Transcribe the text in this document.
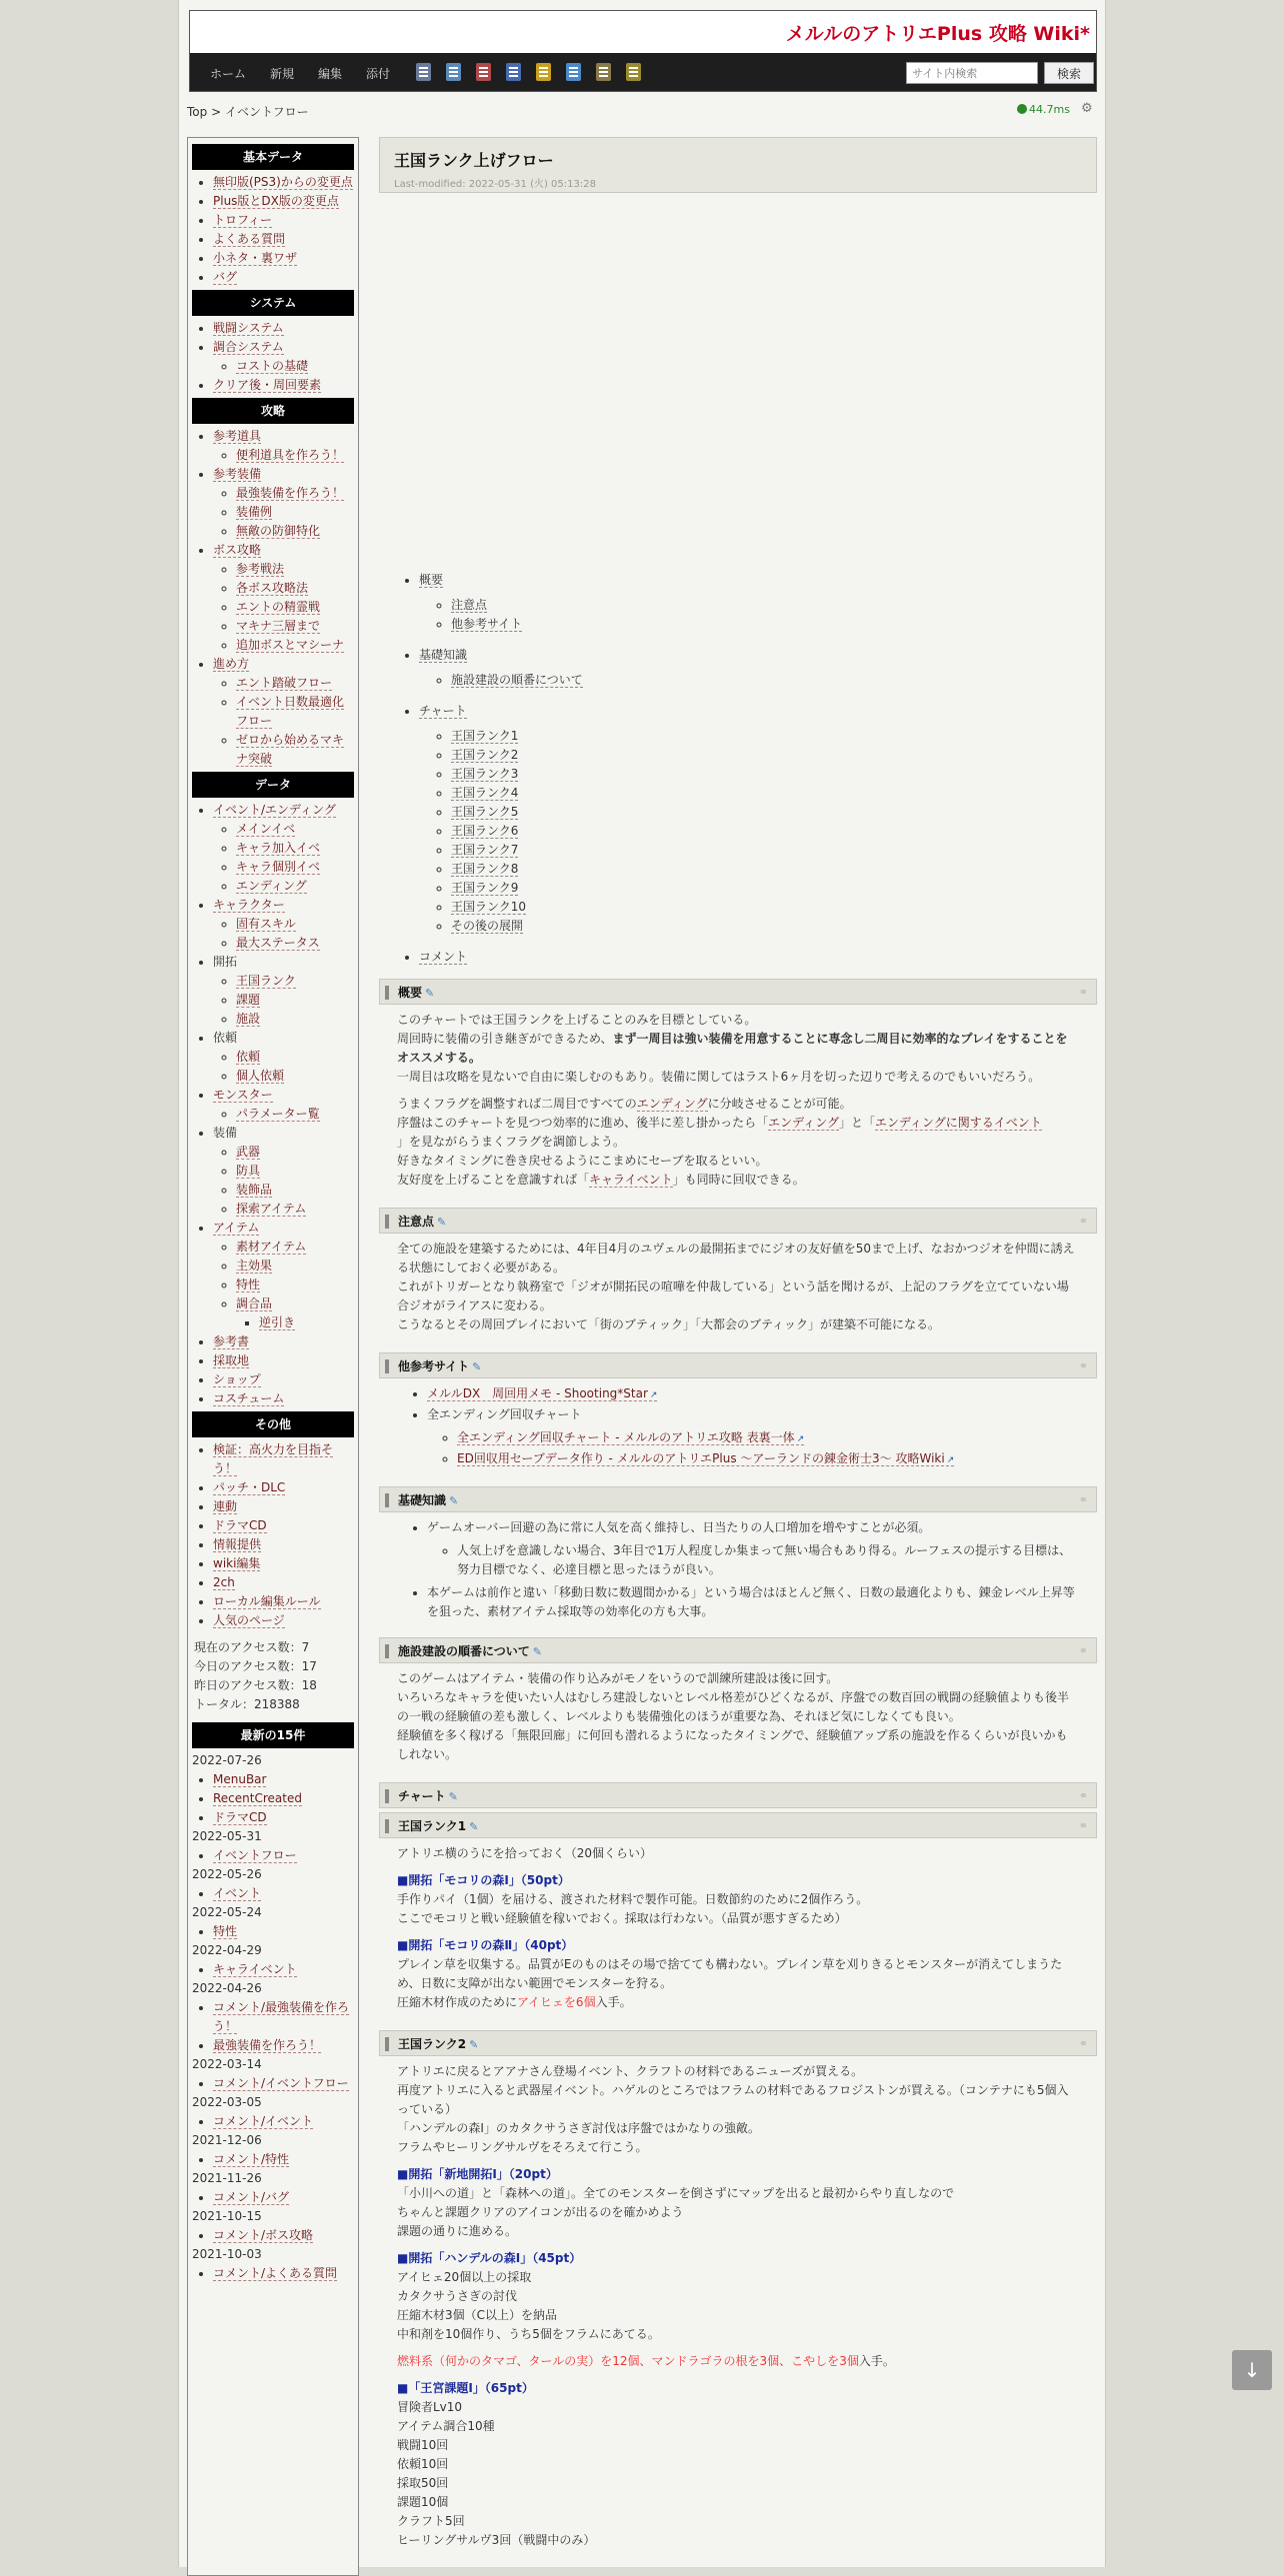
メルルのアトリエPlus 攻略 Wiki*
ホーム 新規 編集 添付
サイト内検索	検索
Top > イベントフロー	44.7ms ⚙
基本データ
• 無印版(PS3)からの変更点
• Plus版とDX版の変更点
• トロフィー
• よくある質問
• 小ネタ・裏ワザ
• バグ
システム
• 戦闘システム
• 調合システム
◦ コストの基礎
• クリア後・周回要素
攻略
• 参考道具
◦ 便利道具を作ろう！
• 参考装備
◦ 最強装備を作ろう！
◦ 装備例
◦ 無敵の防御特化
• ボス攻略
◦ 参考戦法
◦ 各ボス攻略法
◦ エントの精霊戦
◦ マキナ三層まで
◦ 追加ボスとマシーナ
• 進め方
◦ エント踏破フロー
◦ イベント日数最適化フロー
◦ ゼロから始めるマキナ突破
データ
• イベント/エンディング
◦ メインイベ
◦ キャラ加入イベ
◦ キャラ個別イベ
◦ エンディング
• キャラクター
◦ 固有スキル
◦ 最大ステータス
• 開拓
◦ 王国ランク
◦ 課題
◦ 施設
• 依頼
◦ 依頼
◦ 個人依頼
• モンスター
◦ パラメーター覧
• 装備
◦ 武器
◦ 防具
◦ 装飾品
◦ 探索アイテム
• アイテム
◦ 素材アイテム
◦ 主効果
◦ 特性
◦ 調合品
▪ 逆引き
• 参考書
• 採取地
• ショップ
• コスチューム
その他
• 検証：高火力を目指そう！
• パッチ・DLC
• 連動
• ドラマCD
• 情報提供
• wiki編集
• 2ch
• ローカル編集ルール
• 人気のページ
現在のアクセス数：7
今日のアクセス数：17
昨日のアクセス数：18
トータル：218388
最新の15件
2022-07-26
• MenuBar
• RecentCreated
• ドラマCD
2022-05-31
• イベントフロー
2022-05-26
• イベント
2022-05-24
• 特性
2022-04-29
• キャライベント
2022-04-26
• コメント/最強装備を作ろう！
• 最強装備を作ろう！
2022-03-14
• コメント/イベントフロー
2022-03-05
• コメント/イベント
2021-12-06
• コメント/特性
2021-11-26
• コメント/バグ
2021-10-15
• コメント/ボス攻略
2021-10-03
• コメント/よくある質問
王国ランク上げフロー
Last-modified: 2022-05-31 (火) 05:13:28
• 概要
◦ 注意点
◦ 他参考サイト
• 基礎知識
◦ 施設建設の順番について
• チャート
◦ 王国ランク1
◦ 王国ランク2
◦ 王国ランク3
◦ 王国ランク4
◦ 王国ランク5
◦ 王国ランク6
◦ 王国ランク7
◦ 王国ランク8
◦ 王国ランク9
◦ 王国ランク10
◦ その後の展開
• コメント
概要 ✎	⚭

このチャートでは王国ランクを上げることのみを目標としている。
周回時に装備の引き継ぎができるため、まず一周目は強い装備を用意することに専念し二周目に効率的なプレイをすることをオススメする。
一周目は攻略を見ないで自由に楽しむのもあり。装備に関してはラスト6ヶ月を切った辺りで考えるのでもいいだろう。

うまくフラグを調整すれば二周目ですべてのエンディングに分岐させることが可能。
序盤はこのチャートを見つつ効率的に進め、後半に差し掛かったら「エンディング」と「エンディングに関するイベント
」を見ながらうまくフラグを調節しよう。
好きなタイミングに巻き戻せるようにこまめにセーブを取るといい。
友好度を上げることを意識すれば「キャライベント」も同時に回収できる。

注意点 ✎	⚭

全ての施設を建築するためには、4年目4月のユヴェルの最開拓までにジオの友好値を50まで上げ、なおかつジオを仲間に誘える状態にしておく必要がある。
これがトリガーとなり執務室で「ジオが開拓民の喧嘩を仲裁している」という話を聞けるが、上記のフラグを立てていない場合ジオがライアスに変わる。
こうなるとその周回プレイにおいて「街のブティック」「大都会のブティック」が建築不可能になる。

他参考サイト ✎	⚭
• メルルDX　周回用メモ - Shooting*Star ↗
• 全エンディング回収チャート
◦ 全エンディング回収チャート - メルルのアトリエ攻略 表裏一体 ↗
◦ ED回収用セーブデータ作り - メルルのアトリエPlus ～アーランドの錬金術士3～ 攻略Wiki ↗
基礎知識 ✎	⚭
• ゲームオーバー回避の為に常に人気を高く維持し、日当たりの人口増加を増やすことが必須。
◦ 人気上げを意識しない場合、3年目で1万人程度しか集まって無い場合もあり得る。ルーフェスの提示する目標は、努力目標でなく、必達目標と思ったほうが良い。
• 本ゲームは前作と違い「移動日数に数週間かかる」という場合はほとんど無く、日数の最適化よりも、錬金レベル上昇等を狙った、素材アイテム採取等の効率化の方も大事。
施設建設の順番について ✎	⚭

このゲームはアイテム・装備の作り込みがモノをいうので訓練所建設は後に回す。
いろいろなキャラを使いたい人はむしろ建設しないとレベル格差がひどくなるが、序盤での数百回の戦闘の経験値よりも後半の一戦の経験値の差も激しく、レベルよりも装備強化のほうが重要な為、それほど気にしなくても良い。
経験値を多く稼げる「無限回廊」に何回も潜れるようになったタイミングで、経験値アップ系の施設を作るくらいが良いかもしれない。

チャート ✎	⚭
王国ランク1 ✎	⚭

アトリエ横のうにを拾っておく（20個くらい）

■開拓「モコリの森Ⅰ」（50pt）

手作りパイ（1個）を届ける、渡された材料で製作可能。日数節約のために2個作ろう。
ここでモコリと戦い経験値を稼いでおく。採取は行わない。（品質が悪すぎるため）

■開拓「モコリの森Ⅱ」（40pt）

プレイン草を収集する。品質がEのものはその場で捨てても構わない。プレイン草を刈りきるとモンスターが消えてしまうため、日数に支障が出ない範囲でモンスターを狩る。
圧縮木材作成のためにアイヒェを6個入手。

王国ランク2 ✎	⚭

アトリエに戻るとアアナさん登場イベント、クラフトの材料であるニューズが買える。
再度アトリエに入ると武器屋イベント。ハゲルのところではフラムの材料であるフロジストンが買える。（コンテナにも5個入っている）
「ハンデルの森Ⅰ」のカタクサうさぎ討伐は序盤ではかなりの強敵。
フラムやヒーリングサルヴをそろえて行こう。

■開拓「新地開拓Ⅰ」（20pt）

「小川への道」と「森林への道」。全てのモンスターを倒さずにマップを出ると最初からやり直しなので
ちゃんと課題クリアのアイコンが出るのを確かめよう
課題の通りに進める。

■開拓「ハンデルの森Ⅰ」（45pt）

アイヒェ20個以上の採取
カタクサうさぎの討伐
圧縮木材3個（C以上）を納品
中和剤を10個作り、うち5個をフラムにあてる。

燃料系（何かのタマゴ、タールの実）を12個、マンドラゴラの根を3個、こやしを3個入手。

■「王宮課題Ⅰ」（65pt）

冒険者Lv10
アイテム調合10種
戦闘10回
依頼10回
採取50回
課題10個
クラフト5回
ヒーリングサルヴ3回（戦闘中のみ）

↓
